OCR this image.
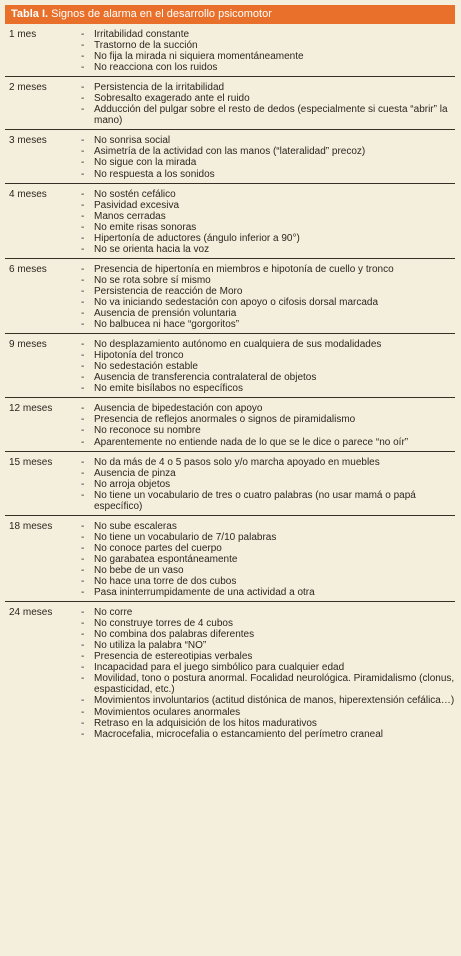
Tabla I. Signos de alarma en el desarrollo psicomotor
1 mes	- Irritabilidad constante
- Trastorno de la succión
- No fija la mirada ni siquiera momentáneamente
- No reacciona con los ruidos
2 meses	- Persistencia de la irritabilidad
- Sobresalto exagerado ante el ruido
- Adducción del pulgar sobre el resto de dedos (especialmente si cuesta “abrir” la mano)
3 meses	- No sonrisa social
- Asimetría de la actividad con las manos (“lateralidad” precoz)
- No sigue con la mirada
- No respuesta a los sonidos
4 meses	- No sostén cefálico
- Pasividad excesiva
- Manos cerradas
- No emite risas sonoras
- Hipertonía de aductores (ángulo inferior a 90°)
- No se orienta hacia la voz
6 meses	- Presencia de hipertonía en miembros e hipotonía de cuello y tronco
- No se rota sobre sí mismo
- Persistencia de reacción de Moro
- No va iniciando sedestación con apoyo o cifosis dorsal marcada
- Ausencia de prensión voluntaria
- No balbucea ni hace “gorgoritos”
9 meses	- No desplazamiento autónomo en cualquiera de sus modalidades
- Hipotonía del tronco
- No sedestación estable
- Ausencia de transferencia contralateral de objetos
- No emite bisílabos no específicos
12 meses	- Ausencia de bipedestación con apoyo
- Presencia de reflejos anormales o signos de piramidalismo
- No reconoce su nombre
- Aparentemente no entiende nada de lo que se le dice o parece “no oír”
15 meses	- No da más de 4 o 5 pasos solo y/o marcha apoyado en muebles
- Ausencia de pinza
- No arroja objetos
- No tiene un vocabulario de tres o cuatro palabras (no usar mamá o papá específico)
18 meses	- No sube escaleras
- No tiene un vocabulario de 7/10 palabras
- No conoce partes del cuerpo
- No garabatea espontáneamente
- No bebe de un vaso
- No hace una torre de dos cubos
- Pasa ininterrumpidamente de una actividad a otra
24 meses	- No corre
- No construye torres de 4 cubos
- No combina dos palabras diferentes
- No utiliza la palabra “NO”
- Presencia de estereotipias verbales
- Incapacidad para el juego simbólico para cualquier edad
- Movilidad, tono o postura anormal. Focalidad neurológica. Piramidalismo (clonus, espasticidad, etc.)
- Movimientos involuntarios (actitud distónica de manos, hiperextensión cefálica…)
- Movimientos oculares anormales
- Retraso en la adquisición de los hitos madurativos
- Macrocefalia, microcefalia o estancamiento del perímetro craneal
